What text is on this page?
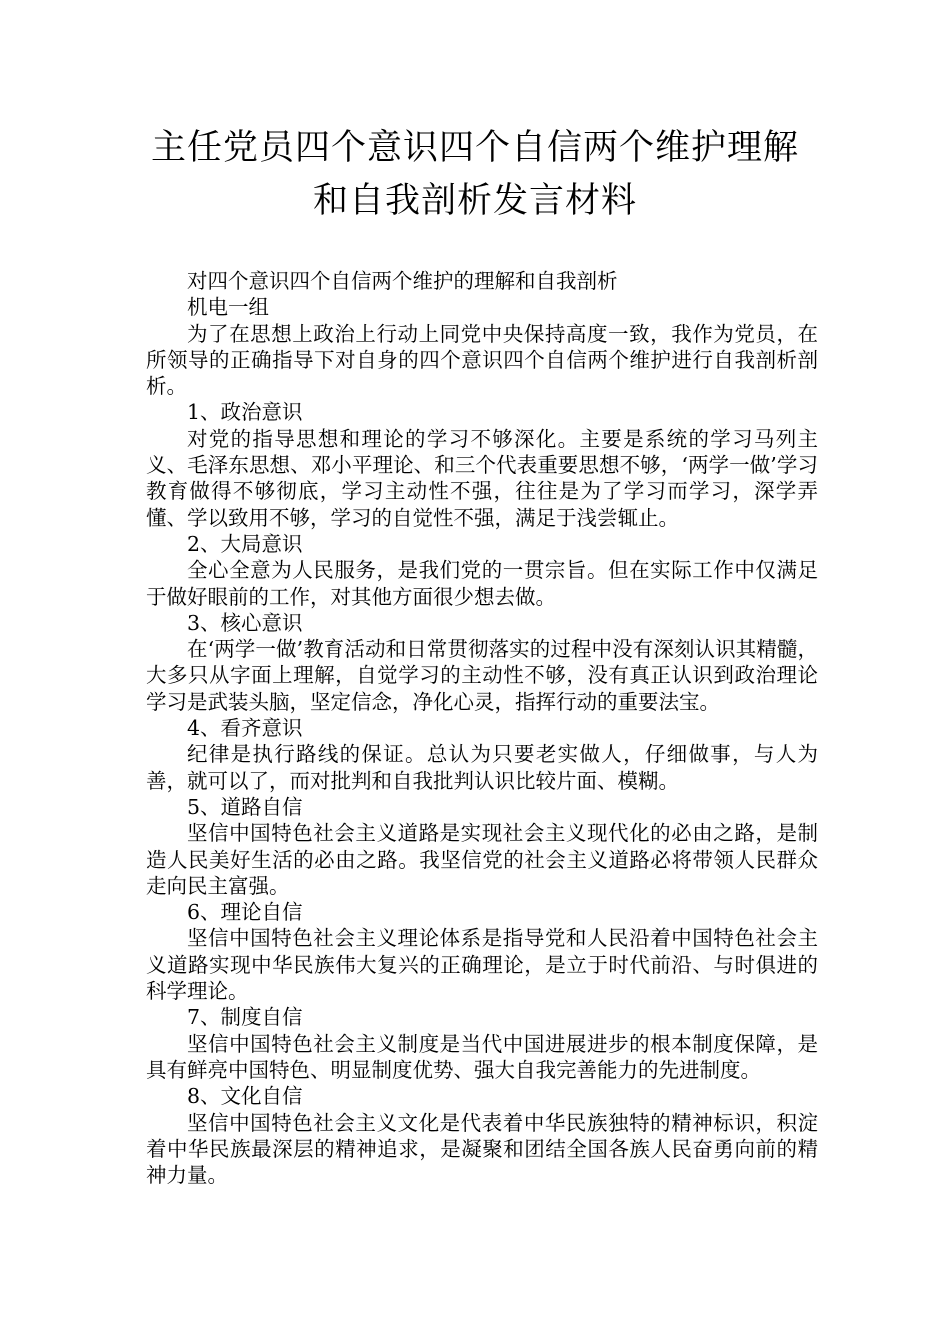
主任党员四个意识四个自信两个维护理解
和自我剖析发言材料

对四个意识四个自信两个维护的理解和自我剖析

机电一组

为了在思想上政治上行动上同党中央保持高度一致，我作为党员，在所领导的正确指导下对自身的四个意识四个自信两个维护进行自我剖析剖析。

1、政治意识

对党的指导思想和理论的学习不够深化。主要是系统的学习马列主义、毛泽东思想、邓小平理论、和三个代表重要思想不够，‘两学一做’学习教育做得不够彻底，学习主动性不强，往往是为了学习而学习，深学弄懂、学以致用不够，学习的自觉性不强，满足于浅尝辄止。

2、大局意识

全心全意为人民服务，是我们党的一贯宗旨。但在实际工作中仅满足于做好眼前的工作，对其他方面很少想去做。

3、核心意识

在‘两学一做’教育活动和日常贯彻落实的过程中没有深刻认识其精髓，大多只从字面上理解，自觉学习的主动性不够，没有真正认识到政治理论学习是武装头脑，坚定信念，净化心灵，指挥行动的重要法宝。

4、看齐意识

纪律是执行路线的保证。总认为只要老实做人，仔细做事，与人为善，就可以了，而对批判和自我批判认识比较片面、模糊。

5、道路自信

坚信中国特色社会主义道路是实现社会主义现代化的必由之路，是制造人民美好生活的必由之路。我坚信党的社会主义道路必将带领人民群众走向民主富强。

6、理论自信

坚信中国特色社会主义理论体系是指导党和人民沿着中国特色社会主义道路实现中华民族伟大复兴的正确理论，是立于时代前沿、与时俱进的科学理论。

7、制度自信

坚信中国特色社会主义制度是当代中国进展进步的根本制度保障，是具有鲜亮中国特色、明显制度优势、强大自我完善能力的先进制度。

8、文化自信

坚信中国特色社会主义文化是代表着中华民族独特的精神标识，积淀着中华民族最深层的精神追求，是凝聚和团结全国各族人民奋勇向前的精神力量。
